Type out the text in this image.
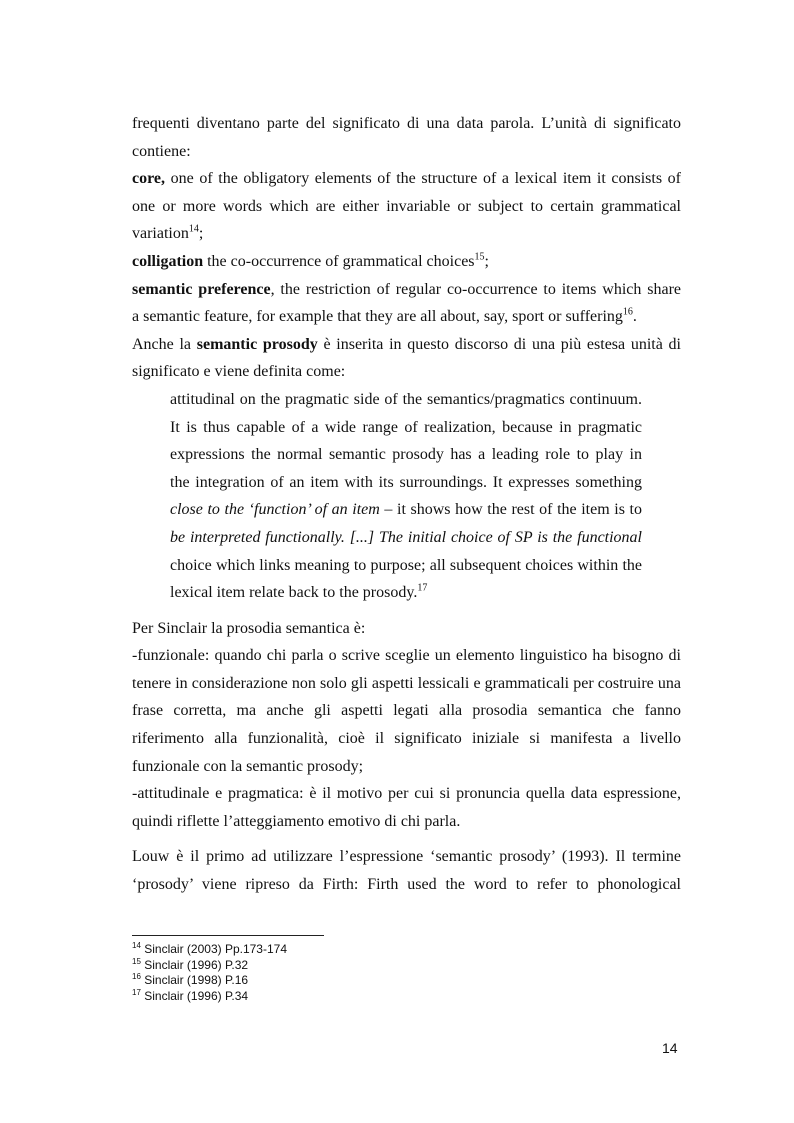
frequenti diventano parte del significato di una data parola. L’unità di significato
contiene:

core, one of the obligatory elements of the structure of a lexical item it consists of
one or more words which are either invariable or subject to certain grammatical
variation$^{14}$;

colligation the co-occurrence of grammatical choices$^{15}$;

semantic preference, the restriction of regular co-occurrence to items which share
a semantic feature, for example that they are all about, say, sport or suffering$^{16}$.

Anche la semantic prosody è inserita in questo discorso di una più estesa unità di
significato e viene definita come:

attitudinal on the pragmatic side of the semantics/pragmatics continuum.
It is thus capable of a wide range of realization, because in pragmatic
expressions the normal semantic prosody has a leading role to play in
the integration of an item with its surroundings. It expresses something
close to the ‘function’ of an item – it shows how the rest of the item is to
be interpreted functionally. [...] The initial choice of SP is the functional
choice which links meaning to purpose; all subsequent choices within the
lexical item relate back to the prosody.$^{17}$

Per Sinclair la prosodia semantica è:
-funzionale: quando chi parla o scrive sceglie un elemento linguistico ha bisogno di
tenere in considerazione non solo gli aspetti lessicali e grammaticali per costruire una
frase corretta, ma anche gli aspetti legati alla prosodia semantica che fanno
riferimento alla funzionalità, cioè il significato iniziale si manifesta a livello
funzionale con la semantic prosody;
-attitudinale e pragmatica: è il motivo per cui si pronuncia quella data espressione,
quindi riflette l’atteggiamento emotivo di chi parla.

Louw è il primo ad utilizzare l’espressione ‘semantic prosody’ (1993). Il termine
‘prosody’ viene ripreso da Firth: Firth used the word to refer to phonological

$^{14}$ Sinclair (2003) Pp.173-174
$^{15}$ Sinclair (1996) P.32
$^{16}$ Sinclair (1998) P.16
$^{17}$ Sinclair (1996) P.34
14
